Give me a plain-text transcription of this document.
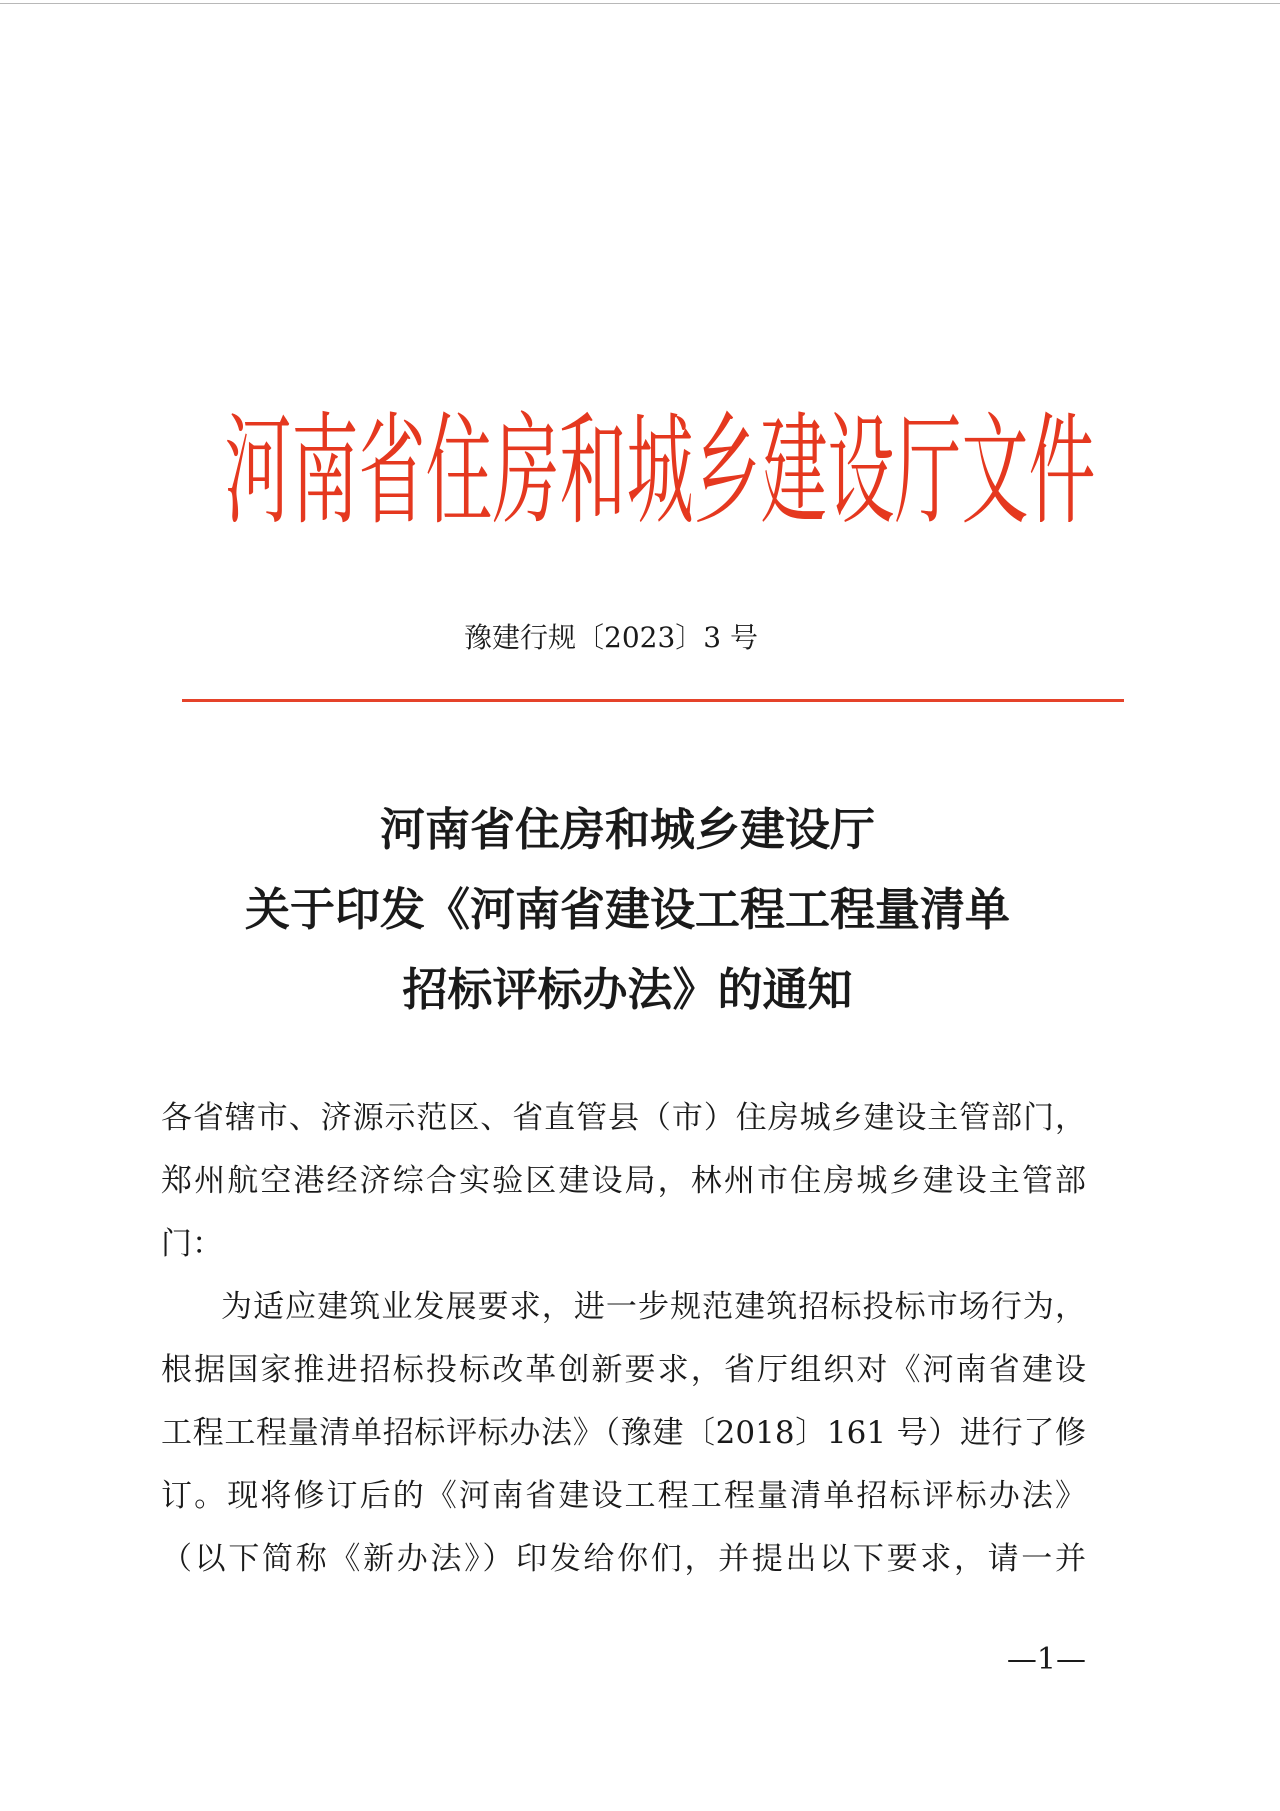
河南省住房和城乡建设厅文件
豫建行规〔2023〕3 号
河南省住房和城乡建设厅
关于印发《河南省建设工程工程量清单
招标评标办法》的通知
各省辖市、济源示范区、省直管县（市）住房城乡建设主管部门，
郑州航空港经济综合实验区建设局，林州市住房城乡建设主管部
门：
为适应建筑业发展要求，进一步规范建筑招标投标市场行为，
根据国家推进招标投标改革创新要求，省厅组织对《河南省建设
工程工程量清单招标评标办法》（豫建〔2018〕161 号）进行了修
订。现将修订后的《河南省建设工程工程量清单招标评标办法》
（以下简称《新办法》）印发给你们，并提出以下要求，请一并
—1—
